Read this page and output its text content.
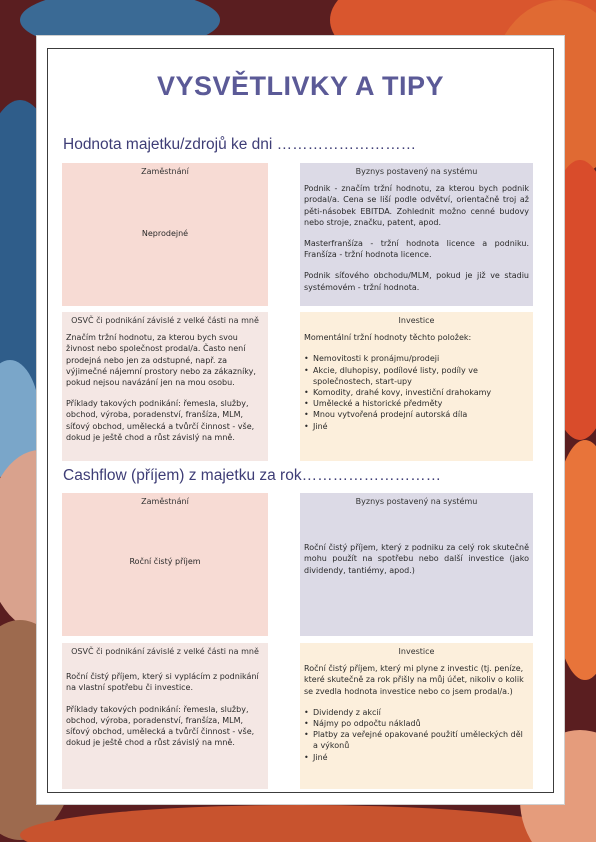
VYSVĚTLIVKY A TIPY
Hodnota majetku/zdrojů ke dni ………………………
Zaměstnání
Neprodejné
Byznys postavený na systému

Podnik - značím tržní hodnotu, za kterou bych podnik prodal/a. Cena se liší podle odvětví, orientačně troj až pěti-násobek EBITDA. Zohlednit možno cenné budovy nebo stroje, značku, patent, apod.

Masterfranšíza - tržní hodnota licence a podniku. Franšíza - tržní hodnota licence.

Podnik síťového obchodu/MLM, pokud je již ve stadiu systémovém - tržní hodnota.

OSVČ či podnikání závislé z velké části na mně

Značím tržní hodnotu, za kterou bych svou živnost nebo společnost prodal/a. Často není prodejná nebo jen za odstupné, např. za výjimečné nájemní prostory nebo za zákazníky, pokud nejsou navázání jen na mou osobu.

Příklady takových podnikání: řemesla, služby, obchod, výroba, poradenství, franšíza, MLM, síťový obchod, umělecká a tvůrčí činnost - vše, dokud je ještě chod a růst závislý na mně.

Investice

Momentální tržní hodnoty těchto položek:

• Nemovitosti k pronájmu/prodeji
• Akcie, dluhopisy, podílové listy, podíly ve společnostech, start-upy
• Komodity, drahé kovy, investiční drahokamy
• Umělecké a historické předměty
• Mnou vytvořená prodejní autorská díla
• Jiné
Cashflow (příjem) z majetku za rok………………………
Zaměstnání
Roční čistý příjem
Byznys postavený na systému

Roční čistý příjem, který z podniku za celý rok skutečně mohu použít na spotřebu nebo další investice (jako dividendy, tantiémy, apod.)

OSVČ či podnikání závislé z velké části na mně

Roční čistý příjem, který si vyplácím z podnikání na vlastní spotřebu či investice.

Příklady takových podnikání: řemesla, služby, obchod, výroba, poradenství, franšíza, MLM, síťový obchod, umělecká a tvůrčí činnost - vše, dokud je ještě chod a růst závislý na mně.

Investice

Roční čistý příjem, který mi plyne z investic (tj. peníze, které skutečně za rok přišly na můj účet, nikoliv o kolik se zvedla hodnota investice nebo co jsem prodal/a.)

• Dividendy z akcií
• Nájmy po odpočtu nákladů
• Platby za veřejné opakované použití uměleckých děl a výkonů
• Jiné
